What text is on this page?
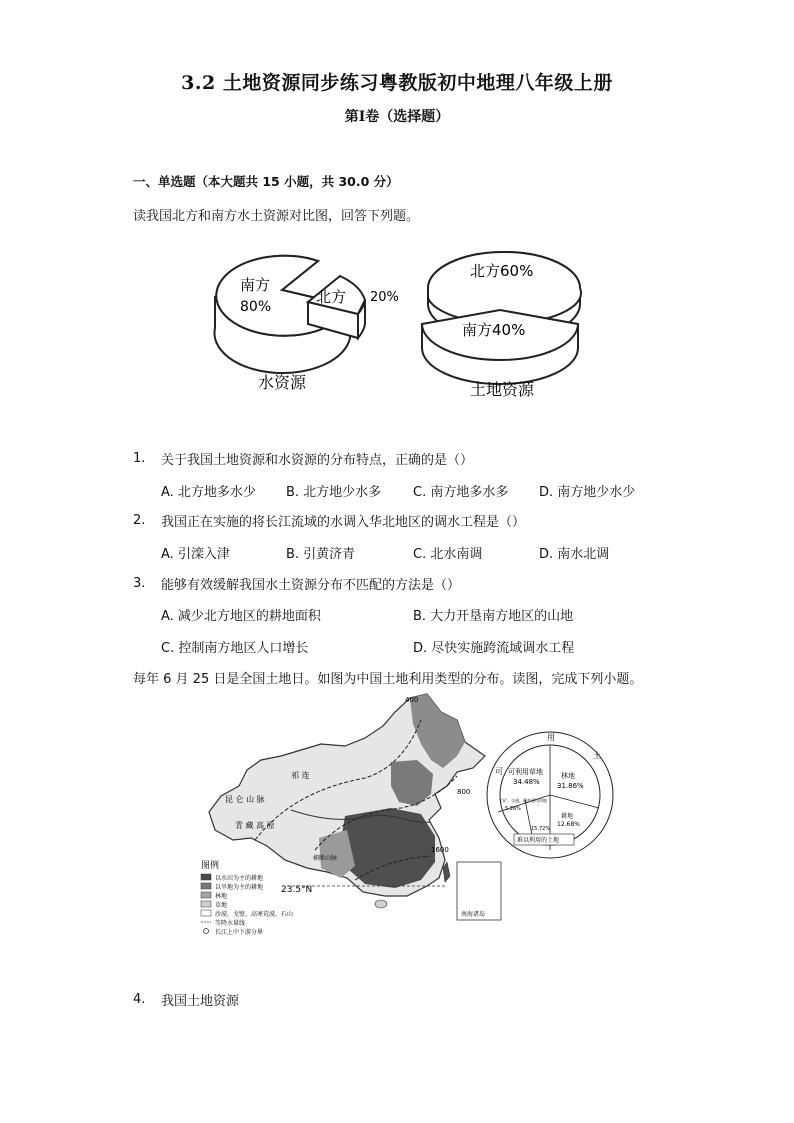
3.2 土地资源同步练习粤教版初中地理八年级上册
第Ⅰ卷（选择题）
一、单选题（本大题共 15 小题，共 30.0 分）
读我国北方和南方水土资源对比图，回答下列题。
南方
80%
北方 20%
水资源
北方60%
南方40%
土地资源
1. 关于我国土地资源和水资源的分布特点，正确的是（）
A. 北方地多水少 B. 北方地少水多 C. 南方地多水多 D. 南方地少水少
2. 我国正在实施的将长江流域的水调入华北地区的调水工程是（）
A. 引滦入津	B. 引黄济青	C. 北水南调	D. 南水北调
3. 能够有效缓解我国水土资源分布不匹配的方法是（）
A. 减少北方地区的耕地面积	B. 大力开垦南方地区的山地
C. 控制南方地区人口增长	D. 尽快实施跨流域调水工程
每年 6 月 25 日是全国土地日。如图为中国土地利用类型的分布。读图，完成下列小题。
祁 连
昆 仑 山 脉
青 藏 高 原
横断山脉
23.5°N
400
800
1600
南海诸岛
图例
以水田为主的耕地
以旱地为主的耕地
林地
草地
沙漠、戈壁、高寒荒漠、石山
等降水量线
长江上中下游分界
用
土
可 可利用草地
34.48%
林地
31.86%
耕地
12.68%
工矿、交通、城乡建设用地
5.26%
15.72%
难以利用的土地
4. 我国土地资源
